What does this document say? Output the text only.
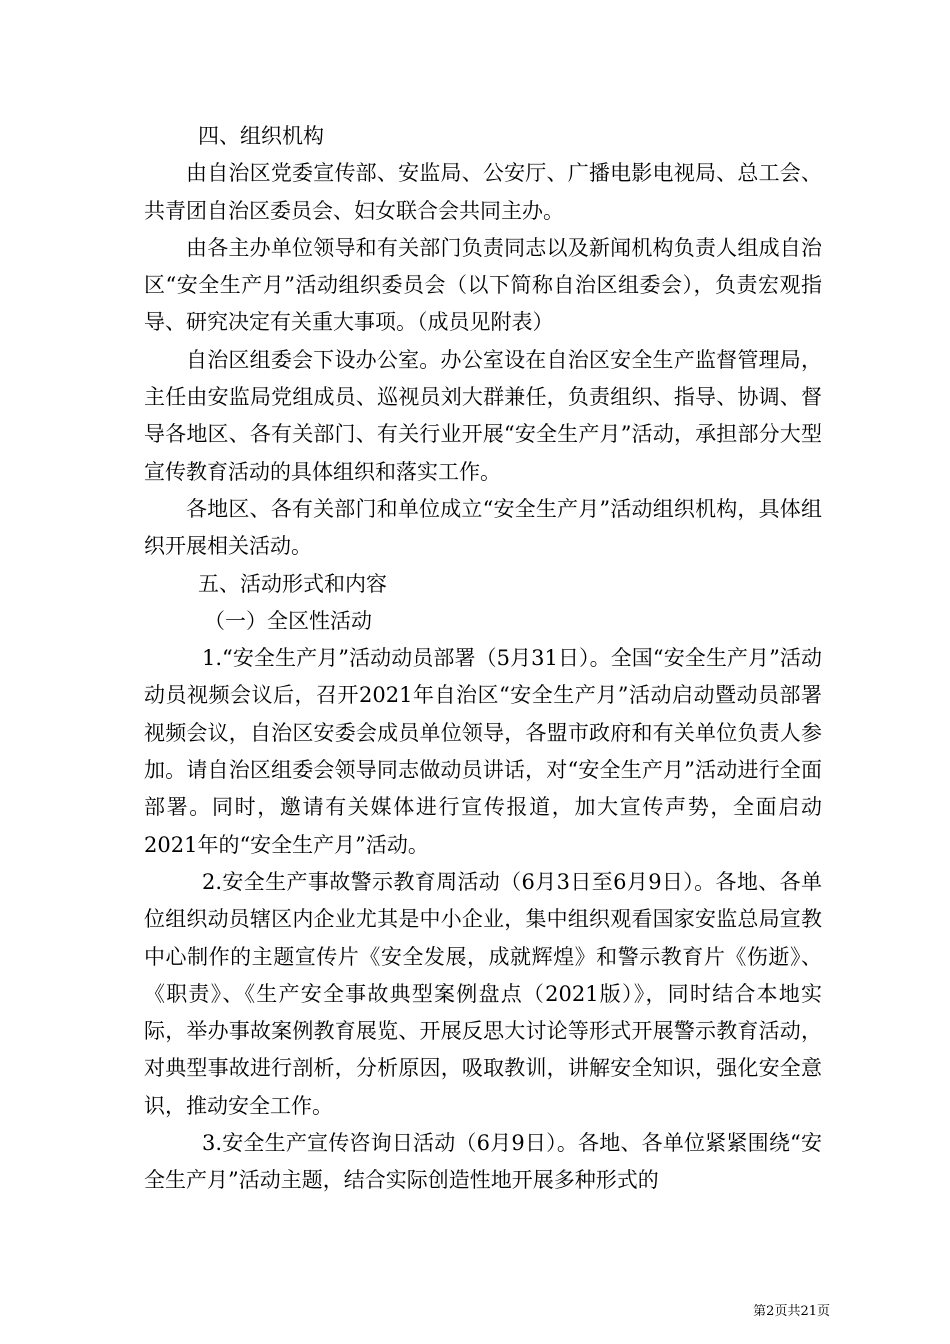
四、组织机构

由自治区党委宣传部、安监局、公安厅、广播电影电视局、总工会、共青团自治区委员会、妇女联合会共同主办。

由各主办单位领导和有关部门负责同志以及新闻机构负责人组成自治区“安全生产月”活动组织委员会（以下简称自治区组委会），负责宏观指导、研究决定有关重大事项。（成员见附表）

自治区组委会下设办公室。办公室设在自治区安全生产监督管理局，主任由安监局党组成员、巡视员刘大群兼任，负责组织、指导、协调、督导各地区、各有关部门、有关行业开展“安全生产月”活动，承担部分大型宣传教育活动的具体组织和落实工作。

各地区、各有关部门和单位成立“安全生产月”活动组织机构，具体组织开展相关活动。

五、活动形式和内容

（一）全区性活动

1.“安全生产月”活动动员部署（5月31日）。全国“安全生产月”活动动员视频会议后，召开2021年自治区“安全生产月”活动启动暨动员部署视频会议，自治区安委会成员单位领导，各盟市政府和有关单位负责人参加。请自治区组委会领导同志做动员讲话，对“安全生产月”活动进行全面部署。同时，邀请有关媒体进行宣传报道，加大宣传声势，全面启动2021年的“安全生产月”活动。

2.安全生产事故警示教育周活动（6月3日至6月9日）。各地、各单位组织动员辖区内企业尤其是中小企业，集中组织观看国家安监总局宣教中心制作的主题宣传片《安全发展，成就辉煌》和警示教育片《伤逝》、《职责》、《生产安全事故典型案例盘点（2021版）》，同时结合本地实际，举办事故案例教育展览、开展反思大讨论等形式开展警示教育活动，对典型事故进行剖析，分析原因，吸取教训，讲解安全知识，强化安全意识，推动安全工作。

3.安全生产宣传咨询日活动（6月9日）。各地、各单位紧紧围绕“安全生产月”活动主题，结合实际创造性地开展多种形式的

第2页共21页
